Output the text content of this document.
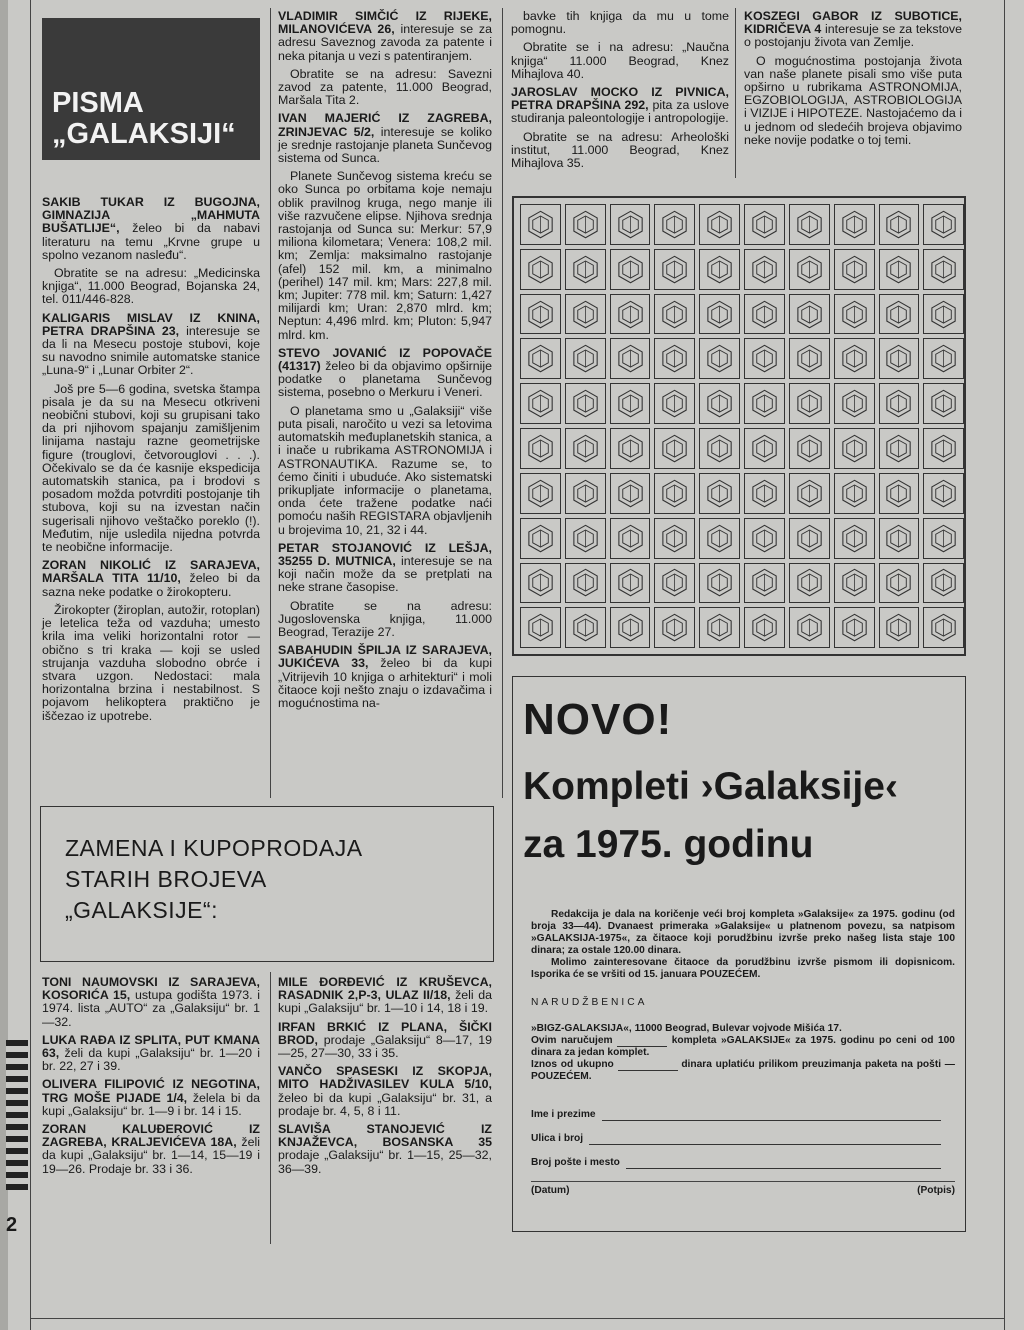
2
PISMA „GALAKSIJI“

SAKIB TUKAR IZ BUGOJNA, GIMNAZIJA „MAHMUTA BUŠATLIJE“, želeo bi da nabavi literaturu na temu „Krvne grupe u spolno vezanom nasleđu“.

Obratite se na adresu: „Medicinska knjiga“, 11.000 Beograd, Bojanska 24, tel. 011/446-828.

KALIGARIS MISLAV IZ KNINA, PETRA DRAPŠINA 23, interesuje se da li na Mesecu postoje stubovi, koje su navodno snimile automatske stanice „Luna-9“ i „Lunar Orbiter 2“.

Još pre 5—6 godina, svetska štampa pisala je da su na Mesecu otkriveni neobični stubovi, koji su grupisani tako da pri njihovom spajanju zamišljenim linijama nastaju razne geometrijske figure (trouglovi, četvorouglovi . . .). Očekivalo se da će kasnije ekspedicija automatskih stanica, pa i brodovi s posadom možda potvrditi postojanje tih stubova, koji su na izvestan način sugerisali njihovo veštačko poreklo (!). Međutim, nije usledila nijedna potvrda te neobične informacije.

ZORAN NIKOLIĆ IZ SARAJEVA, MARŠALA TITA 11/10, želeo bi da sazna neke podatke o žirokopteru.

Žirokopter (žiroplan, autožir, rotoplan) je letelica teža od vazduha; umesto krila ima veliki horizontalni rotor — obično s tri kraka — koji se usled strujanja vazduha slobodno obrće i stvara uzgon. Nedostaci: mala horizontalna brzina i nestabilnost. S pojavom helikoptera praktično je iščezao iz upotrebe.

VLADIMIR SIMČIĆ IZ RIJEKE, MILANOVIĆEVA 26, interesuje se za adresu Saveznog zavoda za patente i neka pitanja u vezi s patentiranjem.

Obratite se na adresu: Savezni zavod za patente, 11.000 Beograd, Maršala Tita 2.

IVAN MAJERIĆ IZ ZAGREBA, ZRINJEVAC 5/2, interesuje se koliko je srednje rastojanje planeta Sunčevog sistema od Sunca.

Planete Sunčevog sistema kreću se oko Sunca po orbitama koje nemaju oblik pravilnog kruga, nego manje ili više razvučene elipse. Njihova srednja rastojanja od Sunca su: Merkur: 57,9 miliona kilometara; Venera: 108,2 mil. km; Zemlja: maksimalno rastojanje (afel) 152 mil. km, a minimalno (perihel) 147 mil. km; Mars: 227,8 mil. km; Jupiter: 778 mil. km; Saturn: 1,427 milijardi km; Uran: 2,870 mlrd. km; Neptun: 4,496 mlrd. km; Pluton: 5,947 mlrd. km.

STEVO JOVANIĆ IZ POPOVAČE (41317) želeo bi da objavimo opširnije podatke o planetama Sunčevog sistema, posebno o Merkuru i Veneri.

O planetama smo u „Galaksiji“ više puta pisali, naročito u vezi sa letovima automatskih međuplanetskih stanica, a i inače u rubrikama ASTRONOMIJA i ASTRONAUTIKA. Razume se, to ćemo činiti i ubuduće. Ako sistematski prikupljate informacije o planetama, onda ćete tražene podatke naći pomoću naših REGISTARA objavljenih u brojevima 10, 21, 32 i 44.

PETAR STOJANOVIĆ IZ LEŠJA, 35255 D. MUTNICA, interesuje se na koji način može da se pretplati na neke strane časopise.

Obratite se na adresu: Jugoslovenska knjiga, 11.000 Beograd, Terazije 27.

SABAHUDIN ŠPILJA IZ SARAJEVA, JUKIĆEVA 33, želeo bi da kupi „Vitrijevih 10 knjiga o arhitekturi“ i moli čitaoce koji nešto znaju o izdavačima i mogućnostima na-

bavke tih knjiga da mu u tome pomognu.

Obratite se i na adresu: „Naučna knjiga“ 11.000 Beograd, Knez Mihajlova 40.

JAROSLAV MOCKO IZ PIVNICA, PETRA DRAPŠINA 292, pita za uslove studiranja paleontologije i antropologije.

Obratite se na adresu: Arheološki institut, 11.000 Beograd, Knez Mihajlova 35.

KOSZEGI GABOR IZ SUBOTICE, KIDRIČEVA 4 interesuje se za tekstove o postojanju života van Zemlje.

O mogućnostima postojanja života van naše planete pisali smo više puta opširno u rubrikama ASTRONOMIJA, EGZOBIOLOGIJA, ASTROBIOLOGIJA i VIZIJE i HIPOTEZE. Nastojaćemo da i u jednom od sledećih brojeva objavimo neke novije podatke o toj temi.

ZAMENA I KUPOPRODAJA STARIH BROJEVA „GALAKSIJE“:

TONI NAUMOVSKI IZ SARAJEVA, KOSORIĆA 15, ustupa godišta 1973. i 1974. lista „AUTO“ za „Galaksiju“ br. 1—32.

LUKA RAĐA IZ SPLITA, PUT KMANA 63, želi da kupi „Galaksiju“ br. 1—20 i br. 22, 27 i 39.

OLIVERA FILIPOVIĆ IZ NEGOTINA, TRG MOŠE PIJADE 1/4, želela bi da kupi „Galaksiju“ br. 1—9 i br. 14 i 15.

ZORAN KALUĐEROVIĆ IZ ZAGREBA, KRALJEVIĆEVA 18A, želi da kupi „Galaksiju“ br. 1—14, 15—19 i 19—26. Prodaje br. 33 i 36.

MILE ĐORĐEVIĆ IZ KRUŠEVCA, RASADNIK 2,P-3, ULAZ II/18, želi da kupi „Galaksiju“ br. 1—10 i 14, 18 i 19.

IRFAN BRKIĆ IZ PLANA, ŠIČKI BROD, prodaje „Galaksiju“ 8—17, 19—25, 27—30, 33 i 35.

VANČO SPASESKI IZ SKOPJA, MITO HADŽIVASILEV KULA 5/10, želeo bi da kupi „Galaksiju“ br. 31, a prodaje br. 4, 5, 8 i 11.

SLAVIŠA STANOJEVIĆ IZ KNJAŽEVCA, BOSANSKA 35 prodaje „Galaksiju“ br. 1—15, 25—32, 36—39.

NOVO!
Kompleti ›Galaksije‹
za 1975. godinu

Redakcija je dala na koričenje veći broj kompleta »Galaksije« za 1975. godinu (od broja 33—44). Dvanaest primeraka »Galaksije« u platnenom povezu, sa natpisom »GALAKSIJA-1975«, za čitaoce koji porudžbinu izvrše preko našeg lista staje 100 dinara; za ostale 120.00 dinara.

Molimo zainteresovane čitaoce da porudžbinu izvrše pismom ili dopisnicom. Isporika će se vršiti od 15. januara POUZEĆEM.

NARUDŽBENICA
»BIGZ-GALAKSIJA«, 11000 Beograd, Bulevar vojvode Mišića 17.
Ovim naručujem	kompleta »GALAKSIJE« za 1975. godinu po ceni od 100 dinara za jedan komplet.
Iznos od ukupno	dinara uplatiću prilikom preuzimanja paketa na pošti — POUZEĆEM.
Ime i prezime
Ulica i broj
Broj pošte i mesto
(Datum)	(Potpis)
